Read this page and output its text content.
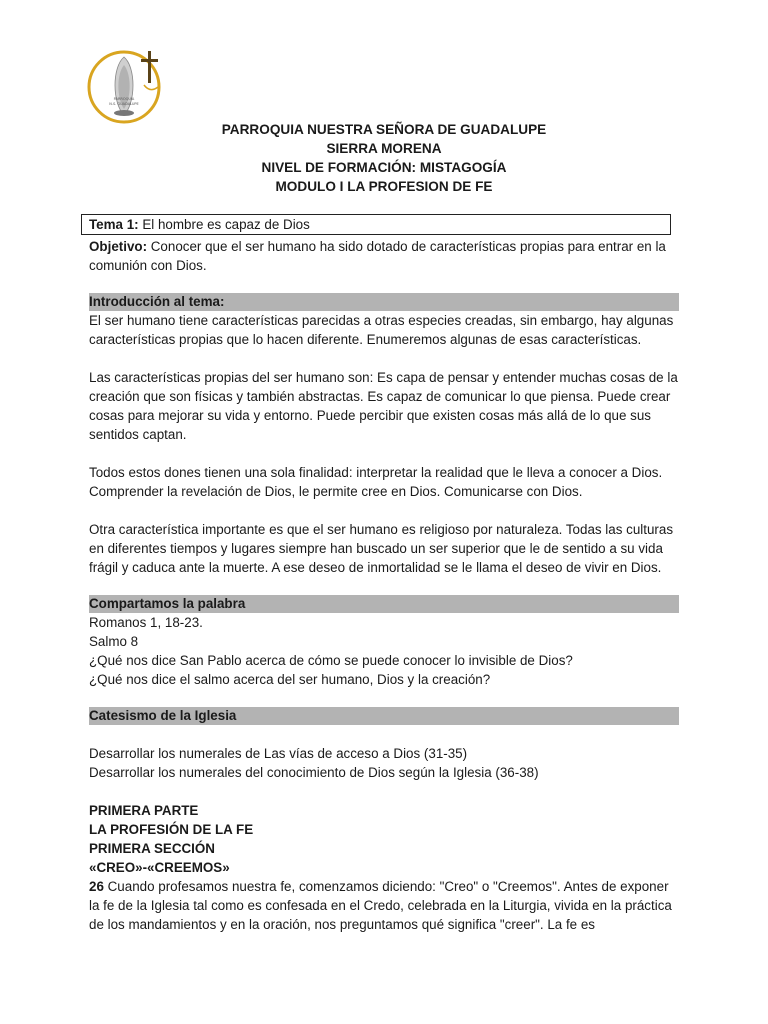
PARROQUIA
N.S. GUADALUPE
PARROQUIA NUESTRA SEÑORA DE GUADALUPE
SIERRA MORENA
NIVEL DE FORMACIÓN: MISTAGOGÍA
MODULO I LA PROFESION DE FE
Tema 1: El hombre es capaz de Dios

Objetivo: Conocer que el ser humano ha sido dotado de características propias para entrar en la comunión con Dios.

Introducción al tema:

El ser humano tiene características parecidas a otras especies creadas, sin embargo, hay algunas características propias que lo hacen diferente. Enumeremos algunas de esas características.

Las características propias del ser humano son: Es capa de pensar y entender muchas cosas de la creación que son físicas y también abstractas. Es capaz de comunicar lo que piensa. Puede crear cosas para mejorar su vida y entorno. Puede percibir que existen cosas más allá de lo que sus sentidos captan.

Todos estos dones tienen una sola finalidad: interpretar la realidad que le lleva a conocer a Dios. Comprender la revelación de Dios, le permite cree en Dios. Comunicarse con Dios.

Otra característica importante es que el ser humano es religioso por naturaleza. Todas las culturas en diferentes tiempos y lugares siempre han buscado un ser superior que le de sentido a su vida frágil y caduca ante la muerte. A ese deseo de inmortalidad se le llama el deseo de vivir en Dios.

Compartamos la palabra

Romanos 1, 18-23.

Salmo 8

¿Qué nos dice San Pablo acerca de cómo se puede conocer lo invisible de Dios?

¿Qué nos dice el salmo acerca del ser humano, Dios y la creación?

Catesismo de la Iglesia

Desarrollar los numerales de Las vías de acceso a Dios (31-35)

Desarrollar los numerales del conocimiento de Dios según la Iglesia (36-38)

PRIMERA PARTE
LA PROFESIÓN DE LA FE
PRIMERA SECCIÓN
«CREO»-«CREEMOS»

26 Cuando profesamos nuestra fe, comenzamos diciendo: "Creo" o "Creemos". Antes de exponer la fe de la Iglesia tal como es confesada en el Credo, celebrada en la Liturgia, vivida en la práctica de los mandamientos y en la oración, nos preguntamos qué significa "creer". La fe es
